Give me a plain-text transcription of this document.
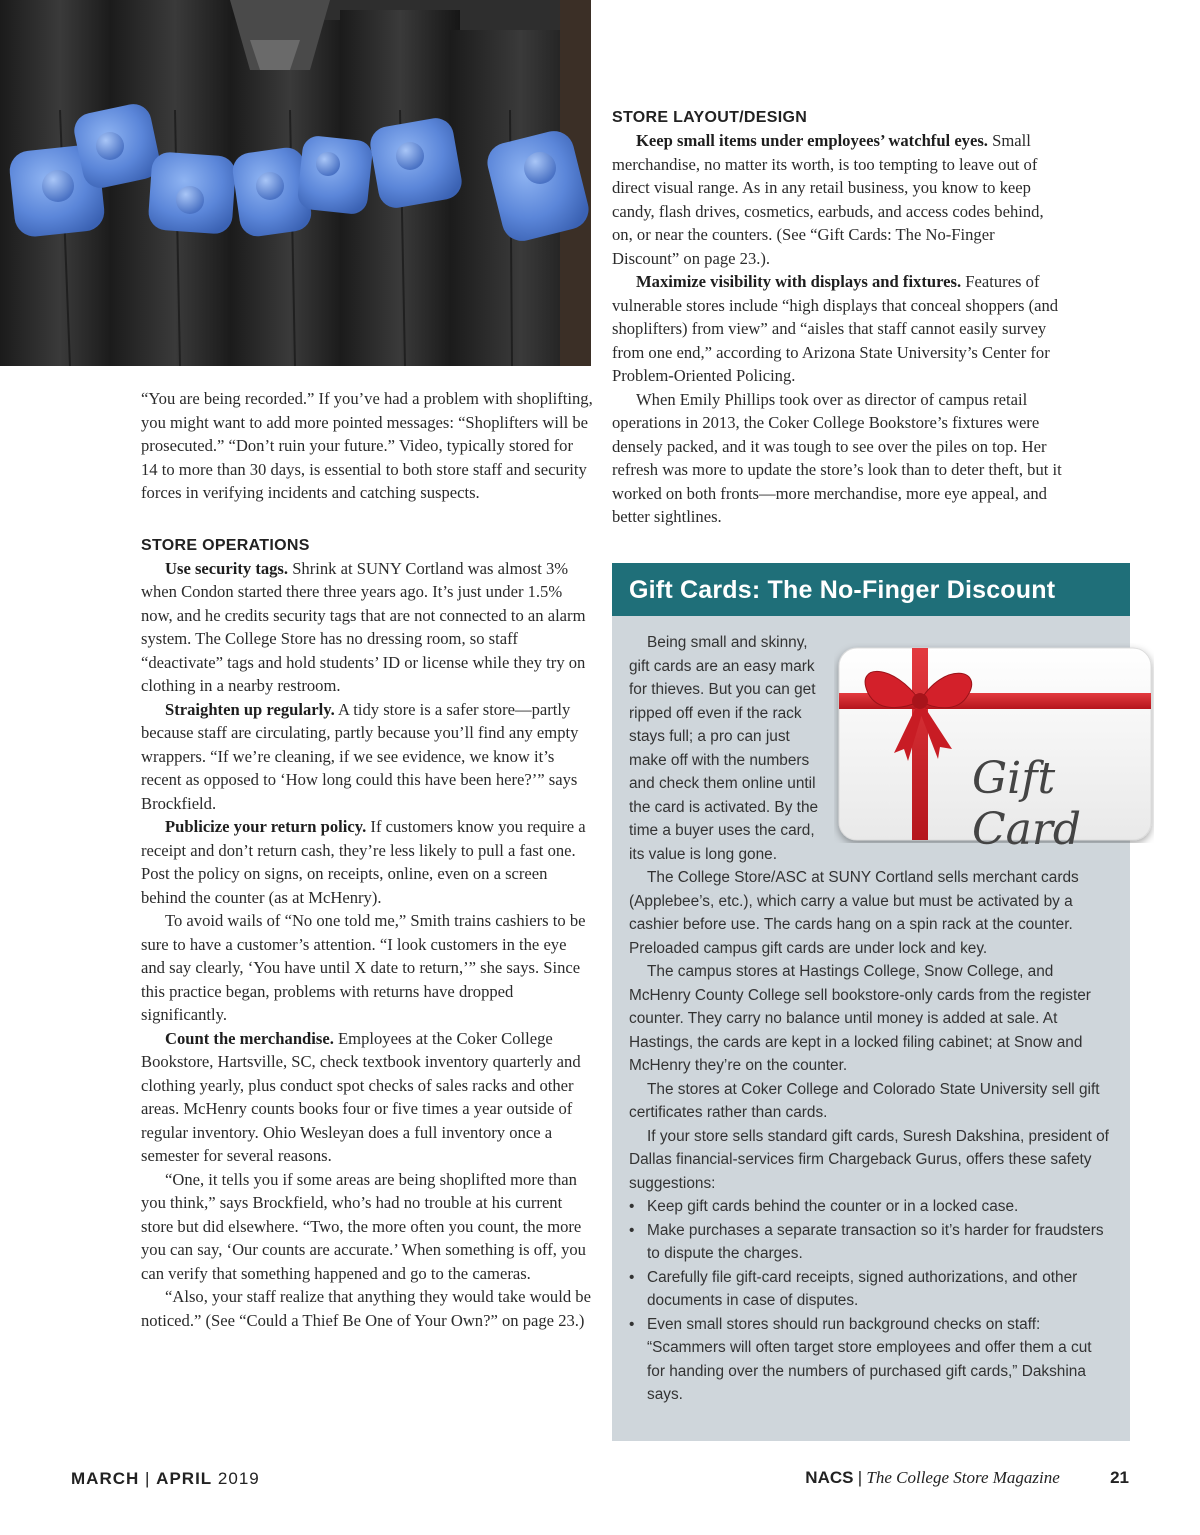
“You are being recorded.” If you’ve had a problem with shoplifting, you might want to add more pointed messages: “Shoplifters will be prosecuted.” “Don’t ruin your future.” Video, typically stored for 14 to more than 30 days, is essential to both store staff and security forces in verifying incidents and catching suspects.

STORE OPERATIONS

Use security tags. Shrink at SUNY Cortland was almost 3% when Condon started there three years ago. It’s just under 1.5% now, and he credits security tags that are not connected to an alarm system. The College Store has no dressing room, so staff “deactivate” tags and hold students’ ID or license while they try on clothing in a nearby restroom.

Straighten up regularly. A tidy store is a safer store—partly because staff are circulating, partly because you’ll find any empty wrappers. “If we’re cleaning, if we see evidence, we know it’s recent as opposed to ‘How long could this have been here?’” says Brockfield.

Publicize your return policy. If customers know you require a receipt and don’t return cash, they’re less likely to pull a fast one. Post the policy on signs, on receipts, online, even on a screen behind the counter (as at McHenry).

To avoid wails of “No one told me,” Smith trains cashiers to be sure to have a customer’s attention. “I look customers in the eye and say clearly, ‘You have until X date to return,’” she says. Since this practice began, problems with returns have dropped significantly.

Count the merchandise. Employees at the Coker College Bookstore, Hartsville, SC, check textbook inventory quarterly and clothing yearly, plus conduct spot checks of sales racks and other areas. McHenry counts books four or five times a year outside of regular inventory. Ohio Wesleyan does a full inventory once a semester for several reasons.

“One, it tells you if some areas are being shoplifted more than you think,” says Brockfield, who’s had no trouble at his current store but did elsewhere. “Two, the more often you count, the more you can say, ‘Our counts are accurate.’ When something is off, you can verify that something happened and go to the cameras.

“Also, your staff realize that anything they would take would be noticed.” (See “Could a Thief Be One of Your Own?” on page 23.)

STORE LAYOUT/DESIGN

Keep small items under employees’ watchful eyes. Small merchandise, no matter its worth, is too tempting to leave out of direct visual range. As in any retail business, you know to keep candy, flash drives, cosmetics, earbuds, and access codes behind, on, or near the counters. (See “Gift Cards: The No-Finger Discount” on page 23.).

Maximize visibility with displays and fixtures. Features of vulnerable stores include “high displays that conceal shoppers (and shoplifters) from view” and “aisles that staff cannot easily survey from one end,” according to Arizona State University’s Center for Problem-Oriented Policing.

When Emily Phillips took over as director of campus retail operations in 2013, the Coker College Bookstore’s fixtures were densely packed, and it was tough to see over the piles on top. Her refresh was more to update the store’s look than to deter theft, but it worked on both fronts—more merchandise, more eye appeal, and better sightlines.

Gift Cards: The No-Finger Discount
Gift Card

Being small and skinny, gift cards are an easy mark for thieves. But you can get ripped off even if the rack stays full; a pro can just make off with the numbers and check them online until the card is activated. By the time a buyer uses the card, its value is long gone.

The College Store/ASC at SUNY Cortland sells merchant cards (Applebee’s, etc.), which carry a value but must be activated by a cashier before use. The cards hang on a spin rack at the counter. Preloaded campus gift cards are under lock and key.

The campus stores at Hastings College, Snow College, and McHenry County College sell bookstore-only cards from the register counter. They carry no balance until money is added at sale. At Hastings, the cards are kept in a locked filing cabinet; at Snow and McHenry they’re on the counter.

The stores at Coker College and Colorado State University sell gift certificates rather than cards.

If your store sells standard gift cards, Suresh Dakshina, president of Dallas financial-services firm Chargeback Gurus, offers these safety suggestions:

• Keep gift cards behind the counter or in a locked case.
• Make purchases a separate transaction so it’s harder for fraudsters to dispute the charges.
• Carefully file gift-card receipts, signed authorizations, and other documents in case of disputes.
• Even small stores should run background checks on staff: “Scammers will often target store employees and offer them a cut for handing over the numbers of purchased gift cards,” Dakshina says.
MARCH | APRIL 2019	NACS | The College Store Magazine	21
